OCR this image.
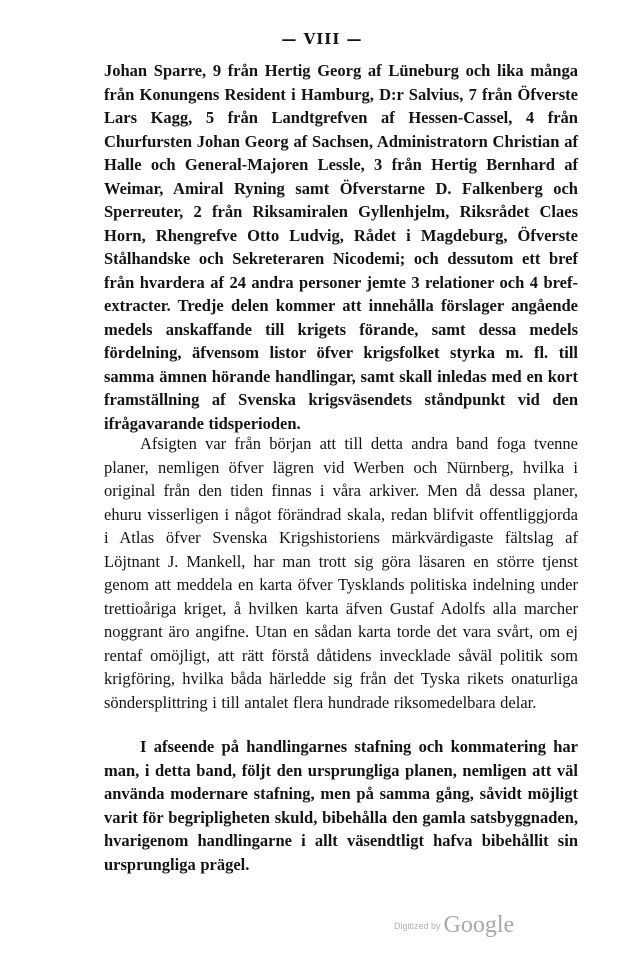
— VIII —

Johan Sparre, 9 från Hertig Georg af Lüneburg och lika många från Konungens Resident i Hamburg, D:r Salvius, 7 från Öfverste Lars Kagg, 5 från Landtgrefven af Hessen-Cassel, 4 från Churfursten Johan Georg af Sachsen, Administratorn Christian af Halle och General-Majoren Lessle, 3 från Hertig Bernhard af Weimar, Amiral Ryning samt Öfverstarne D. Falkenberg och Sperreuter, 2 från Riksamiralen Gyllenhjelm, Riksrådet Claes Horn, Rhengrefve Otto Ludvig, Rådet i Magdeburg, Öfverste Stålhandske och Sekreteraren Nicodemi; och dessutom ett bref från hvardera af 24 andra personer jemte 3 relationer och 4 bref-extracter. Tredje delen kommer att innehålla förslager angående medels anskaffande till krigets förande, samt dessa medels fördelning, äfvensom listor öfver krigsfolket styrka m. fl. till samma ämnen hörande handlingar, samt skall inledas med en kort framställning af Svenska krigsväsendets ståndpunkt vid den ifrågavarande tidsperioden.

Afsigten var från början att till detta andra band foga tvenne planer, nemligen öfver lägren vid Werben och Nürnberg, hvilka i original från den tiden finnas i våra arkiver. Men då dessa planer, ehuru visserligen i något förändrad skala, redan blifvit offentliggjorda i Atlas öfver Svenska Krigshistoriens märkvärdigaste fältslag af Löjtnant J. Mankell, har man trott sig göra läsaren en större tjenst genom att meddela en karta öfver Tysklands politiska indelning under trettioåriga kriget, å hvilken karta äfven Gustaf Adolfs alla marcher noggrant äro angifne. Utan en sådan karta torde det vara svårt, om ej rentaf omöjligt, att rätt förstå dåtidens invecklade såväl politik som krigföring, hvilka båda härledde sig från det Tyska rikets onaturliga söndersplittring i till antalet flera hundrade riksomedelbara delar.

I afseende på handlingarnes stafning och kommatering har man, i detta band, följt den ursprungliga planen, nemligen att väl använda modernare stafning, men på samma gång, såvidt möjligt varit för begripligheten skuld, bibehålla den gamla satsbyggnaden, hvarigenom handlingarne i allt väsendtligt hafva bibehållit sin ursprungliga prägel.

Digitized by Google
